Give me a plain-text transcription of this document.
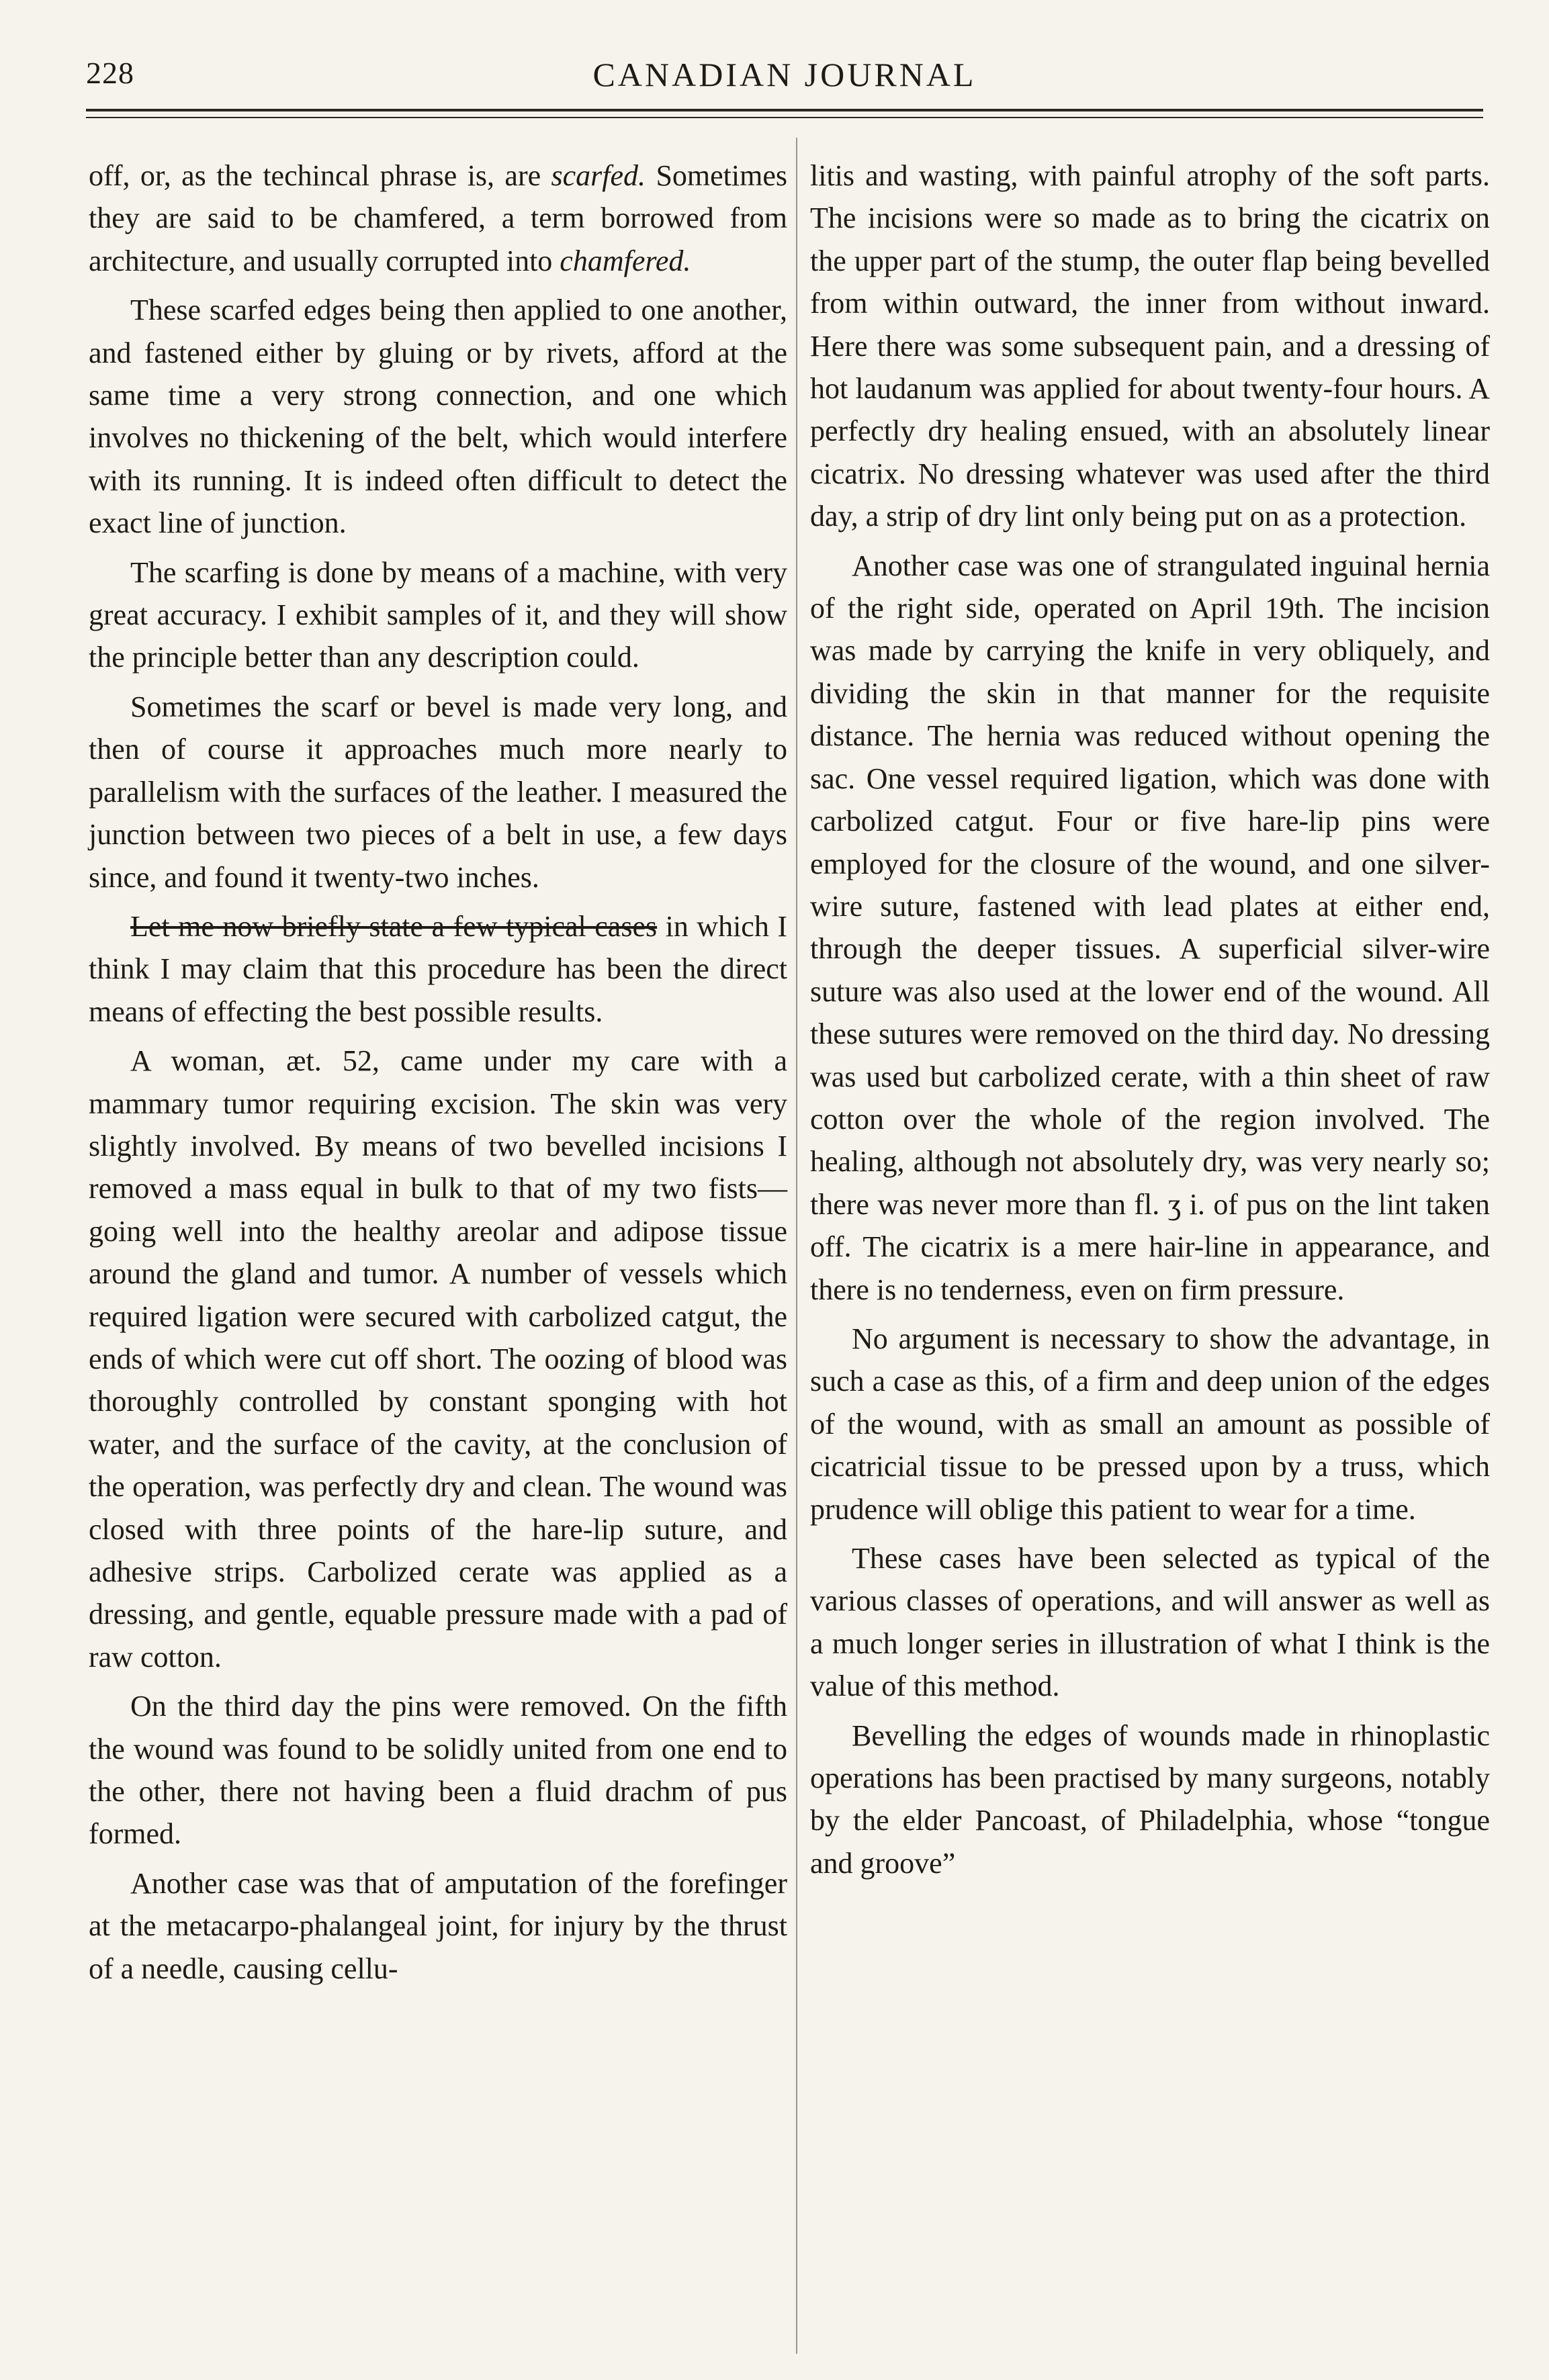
228	CANADIAN JOURNAL

off, or, as the techincal phrase is, are scarfed. Sometimes they are said to be chamfered, a term borrowed from architecture, and usually corrupted into chamfered.

These scarfed edges being then applied to one another, and fastened either by gluing or by rivets, afford at the same time a very strong connection, and one which involves no thickening of the belt, which would interfere with its running. It is indeed often difficult to detect the exact line of junction.

The scarfing is done by means of a machine, with very great accuracy. I exhibit samples of it, and they will show the principle better than any description could.

Sometimes the scarf or bevel is made very long, and then of course it approaches much more nearly to parallelism with the surfaces of the leather. I measured the junction between two pieces of a belt in use, a few days since, and found it twenty-two inches.

Let me now briefly state a few typical cases in which I think I may claim that this procedure has been the direct means of effecting the best possible results.

A woman, æt. 52, came under my care with a mammary tumor requiring excision. The skin was very slightly involved. By means of two bevelled incisions I removed a mass equal in bulk to that of my two fists—going well into the healthy areolar and adipose tissue around the gland and tumor. A number of vessels which required ligation were secured with carbolized catgut, the ends of which were cut off short. The oozing of blood was thoroughly controlled by constant sponging with hot water, and the surface of the cavity, at the conclusion of the operation, was perfectly dry and clean. The wound was closed with three points of the hare-lip suture, and adhesive strips. Carbolized cerate was applied as a dressing, and gentle, equable pressure made with a pad of raw cotton.

On the third day the pins were removed. On the fifth the wound was found to be solidly united from one end to the other, there not having been a fluid drachm of pus formed.

Another case was that of amputation of the forefinger at the metacarpo-phalangeal joint, for injury by the thrust of a needle, causing cellu-

litis and wasting, with painful atrophy of the soft parts. The incisions were so made as to bring the cicatrix on the upper part of the stump, the outer flap being bevelled from within outward, the inner from without inward. Here there was some subsequent pain, and a dressing of hot laudanum was applied for about twenty-four hours. A perfectly dry healing ensued, with an absolutely linear cicatrix. No dressing whatever was used after the third day, a strip of dry lint only being put on as a protection.

Another case was one of strangulated inguinal hernia of the right side, operated on April 19th. The incision was made by carrying the knife in very obliquely, and dividing the skin in that manner for the requisite distance. The hernia was reduced without opening the sac. One vessel required ligation, which was done with carbolized catgut. Four or five hare-lip pins were employed for the closure of the wound, and one silver-wire suture, fastened with lead plates at either end, through the deeper tissues. A superficial silver-wire suture was also used at the lower end of the wound. All these sutures were removed on the third day. No dressing was used but carbolized cerate, with a thin sheet of raw cotton over the whole of the region involved. The healing, although not absolutely dry, was very nearly so; there was never more than fl. ʒ i. of pus on the lint taken off. The cicatrix is a mere hair-line in appearance, and there is no tenderness, even on firm pressure.

No argument is necessary to show the advantage, in such a case as this, of a firm and deep union of the edges of the wound, with as small an amount as possible of cicatricial tissue to be pressed upon by a truss, which prudence will oblige this patient to wear for a time.

These cases have been selected as typical of the various classes of operations, and will answer as well as a much longer series in illustration of what I think is the value of this method.

Bevelling the edges of wounds made in rhinoplastic operations has been practised by many surgeons, notably by the elder Pancoast, of Philadelphia, whose “tongue and groove”
